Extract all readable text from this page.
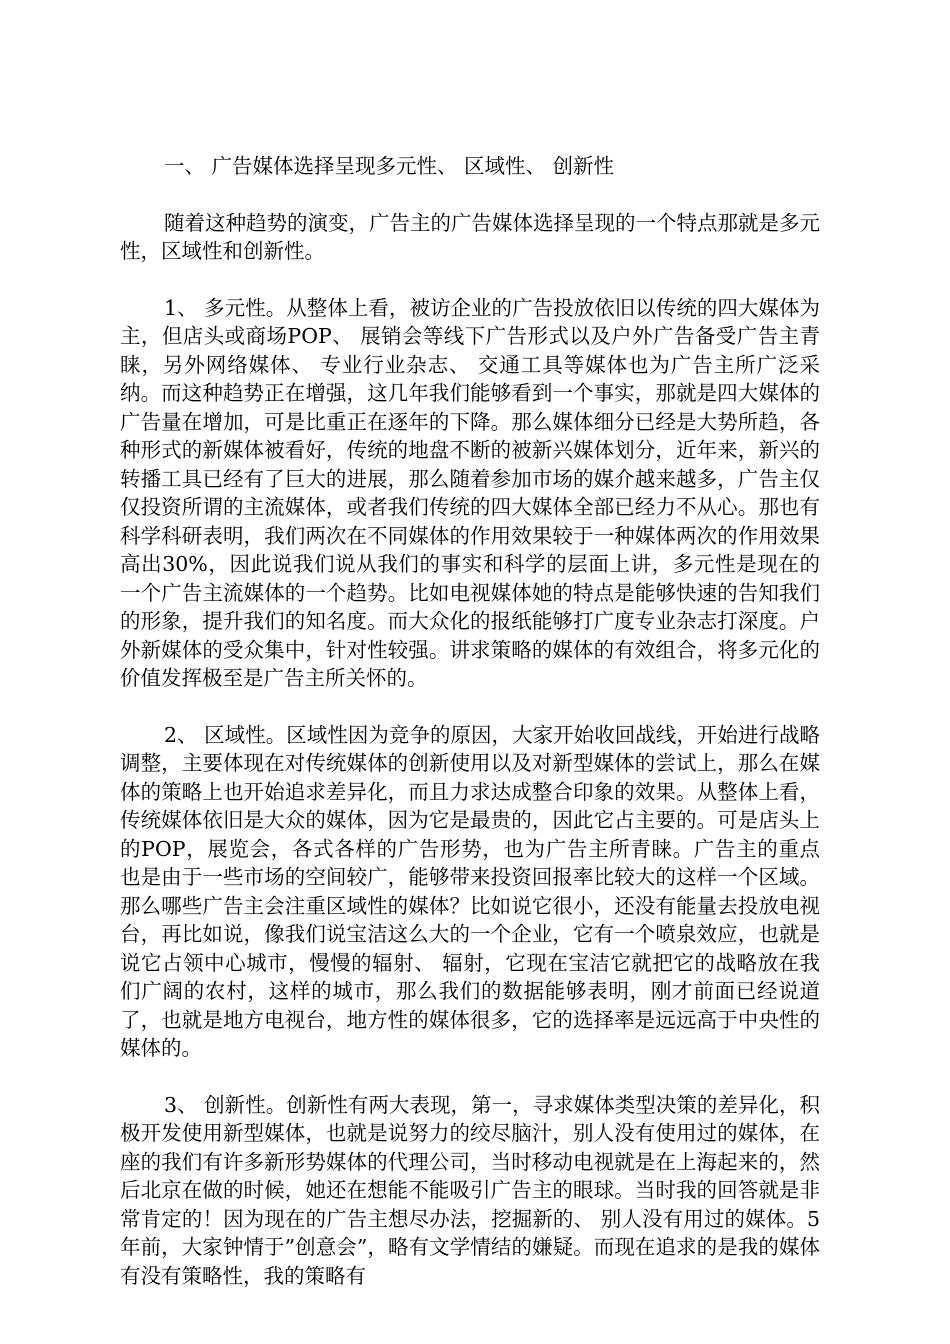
一、 广告媒体选择呈现多元性、 区域性、 创新性

随着这种趋势的演变，广告主的广告媒体选择呈现的一个特点那就是多元性，区域性和创新性。

1、 多元性。从整体上看，被访企业的广告投放依旧以传统的四大媒体为主，但店头或商场POP、 展销会等线下广告形式以及户外广告备受广告主青睐，另外网络媒体、 专业行业杂志、 交通工具等媒体也为广告主所广泛采纳。而这种趋势正在增强，这几年我们能够看到一个事实，那就是四大媒体的广告量在增加，可是比重正在逐年的下降。那么媒体细分已经是大势所趋，各种形式的新媒体被看好，传统的地盘不断的被新兴媒体划分，近年来，新兴的转播工具已经有了巨大的进展，那么随着参加市场的媒介越来越多，广告主仅仅投资所谓的主流媒体，或者我们传统的四大媒体全部已经力不从心。那也有科学科研表明，我们两次在不同媒体的作用效果较于一种媒体两次的作用效果高出30%，因此说我们说从我们的事实和科学的层面上讲，多元性是现在的一个广告主流媒体的一个趋势。比如电视媒体她的特点是能够快速的告知我们的形象，提升我们的知名度。而大众化的报纸能够打广度专业杂志打深度。户外新媒体的受众集中，针对性较强。讲求策略的媒体的有效组合，将多元化的价值发挥极至是广告主所关怀的。

2、 区域性。区域性因为竞争的原因，大家开始收回战线，开始进行战略调整，主要体现在对传统媒体的创新使用以及对新型媒体的尝试上，那么在媒体的策略上也开始追求差异化，而且力求达成整合印象的效果。从整体上看，传统媒体依旧是大众的媒体，因为它是最贵的，因此它占主要的。可是店头上的POP，展览会，各式各样的广告形势，也为广告主所青睐。广告主的重点也是由于一些市场的空间较广，能够带来投资回报率比较大的这样一个区域。那么哪些广告主会注重区域性的媒体？比如说它很小，还没有能量去投放电视台，再比如说，像我们说宝洁这么大的一个企业，它有一个喷泉效应，也就是说它占领中心城市，慢慢的辐射、 辐射，它现在宝洁它就把它的战略放在我们广阔的农村，这样的城市，那么我们的数据能够表明，刚才前面已经说道了，也就是地方电视台，地方性的媒体很多，它的选择率是远远高于中央性的媒体的。

3、 创新性。创新性有两大表现，第一，寻求媒体类型决策的差异化，积极开发使用新型媒体，也就是说努力的绞尽脑汁，别人没有使用过的媒体，在座的我们有许多新形势媒体的代理公司，当时移动电视就是在上海起来的，然后北京在做的时候，她还在想能不能吸引广告主的眼球。当时我的回答就是非常肯定的！因为现在的广告主想尽办法，挖掘新的、 别人没有用过的媒体。5年前，大家钟情于”创意会”，略有文学情结的嫌疑。而现在追求的是我的媒体有没有策略性，我的策略有
